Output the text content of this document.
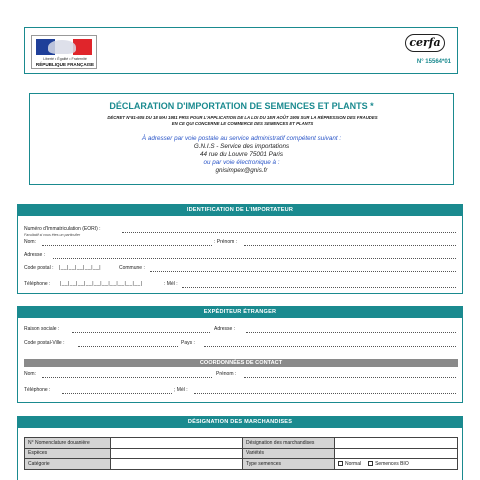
Liberté • Égalité • Fraternité
RÉPUBLIQUE FRANÇAISE
cerfa
N° 15564*01
DÉCLARATION D'IMPORTATION DE SEMENCES ET PLANTS *
DÉCRET N°81-605 DU 18 MAI 1981 PRIS POUR L'APPLICATION DE LA LOI DU 1ER AOÛT 1905 SUR LA RÉPRESSION DES FRAUDES
EN CE QUI CONCERNE LE COMMERCE DES SEMENCES ET PLANTS
À adresser par voie postale au service administratif compétent suivant :
G.N.I.S - Service des importations
44 rue du Louvre 75001 Paris
ou par voie électronique à :
gnisimpex@gnis.fr
IDENTIFICATION DE L'IMPORTATEUR
Numéro d'Immatriculation (EORI) :
Facultatif si vous êtes un particulier
Nom:	: Prénom :
Adresse :
Code postal : |__|__|__|__|__|	Commune :
Téléphone : |__|__|__|__|__|__|__|__|__|__|	: Mél :
EXPÉDITEUR ÉTRANGER
Raison sociale :	Adresse :
Code postal-Ville :	Pays :
COORDONNÉES DE CONTACT
Nom:	Prénom :
Téléphone :	; Mél :
DÉSIGNATION DES MARCHANDISES
N° Nomenclature douanière		Désignation des marchandises	
Espèces		Variétés	
Catégorie		Type semences	Normal Semences BIO
